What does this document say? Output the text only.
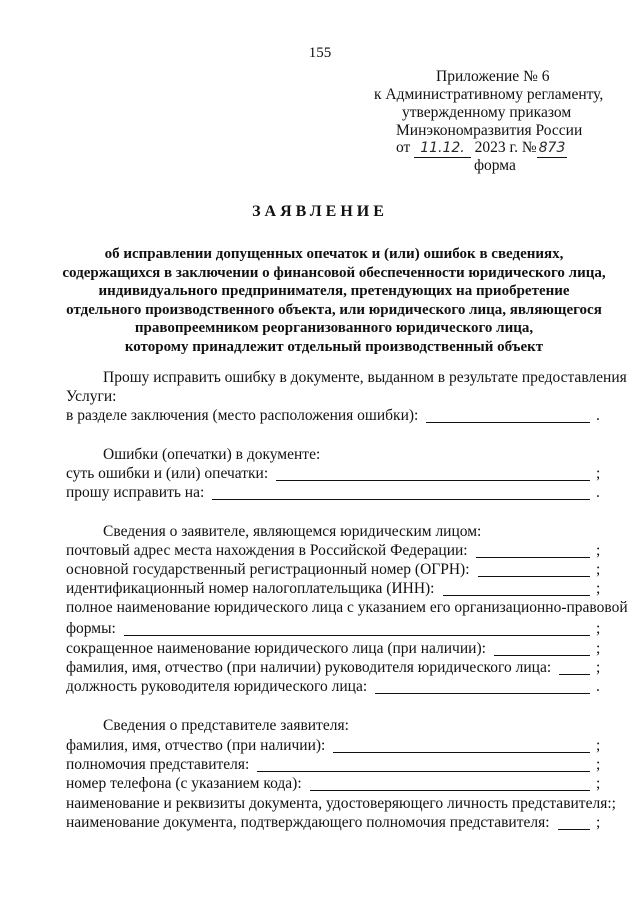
155
Приложение № 6
к Административному регламенту,
утвержденному приказом
Минэкономразвития России
от 11.12. 2023 г. № 873
форма
ЗАЯВЛЕНИЕ
об исправлении допущенных опечаток и (или) ошибок в сведениях,
содержащихся в заключении о финансовой обеспеченности юридического лица,
индивидуального предпринимателя, претендующих на приобретение
отдельного производственного объекта, или юридического лица, являющегося
правопреемником реорганизованного юридического лица,
которому принадлежит отдельный производственный объект
Прошу исправить ошибку в документе, выданном в результате предоставления
Услуги:
в разделе заключения (место расположения ошибки):	.
Ошибки (опечатки) в документе:
суть ошибки и (или) опечатки:	;
прошу исправить на:	.
Сведения о заявителе, являющемся юридическим лицом:
почтовый адрес места нахождения в Российской Федерации:	;
основной государственный регистрационный номер (ОГРН):	;
идентификационный номер налогоплательщика (ИНН):	;
полное наименование юридического лица с указанием его организационно-правовой
формы:	;
сокращенное наименование юридического лица (при наличии):	;
фамилия, имя, отчество (при наличии) руководителя юридического лица:	;
должность руководителя юридического лица:	.
Сведения о представителе заявителя:
фамилия, имя, отчество (при наличии):	;
полномочия представителя:	;
номер телефона (с указанием кода):	;
наименование и реквизиты документа, удостоверяющего личность представителя: ;
наименование документа, подтверждающего полномочия представителя:	;
